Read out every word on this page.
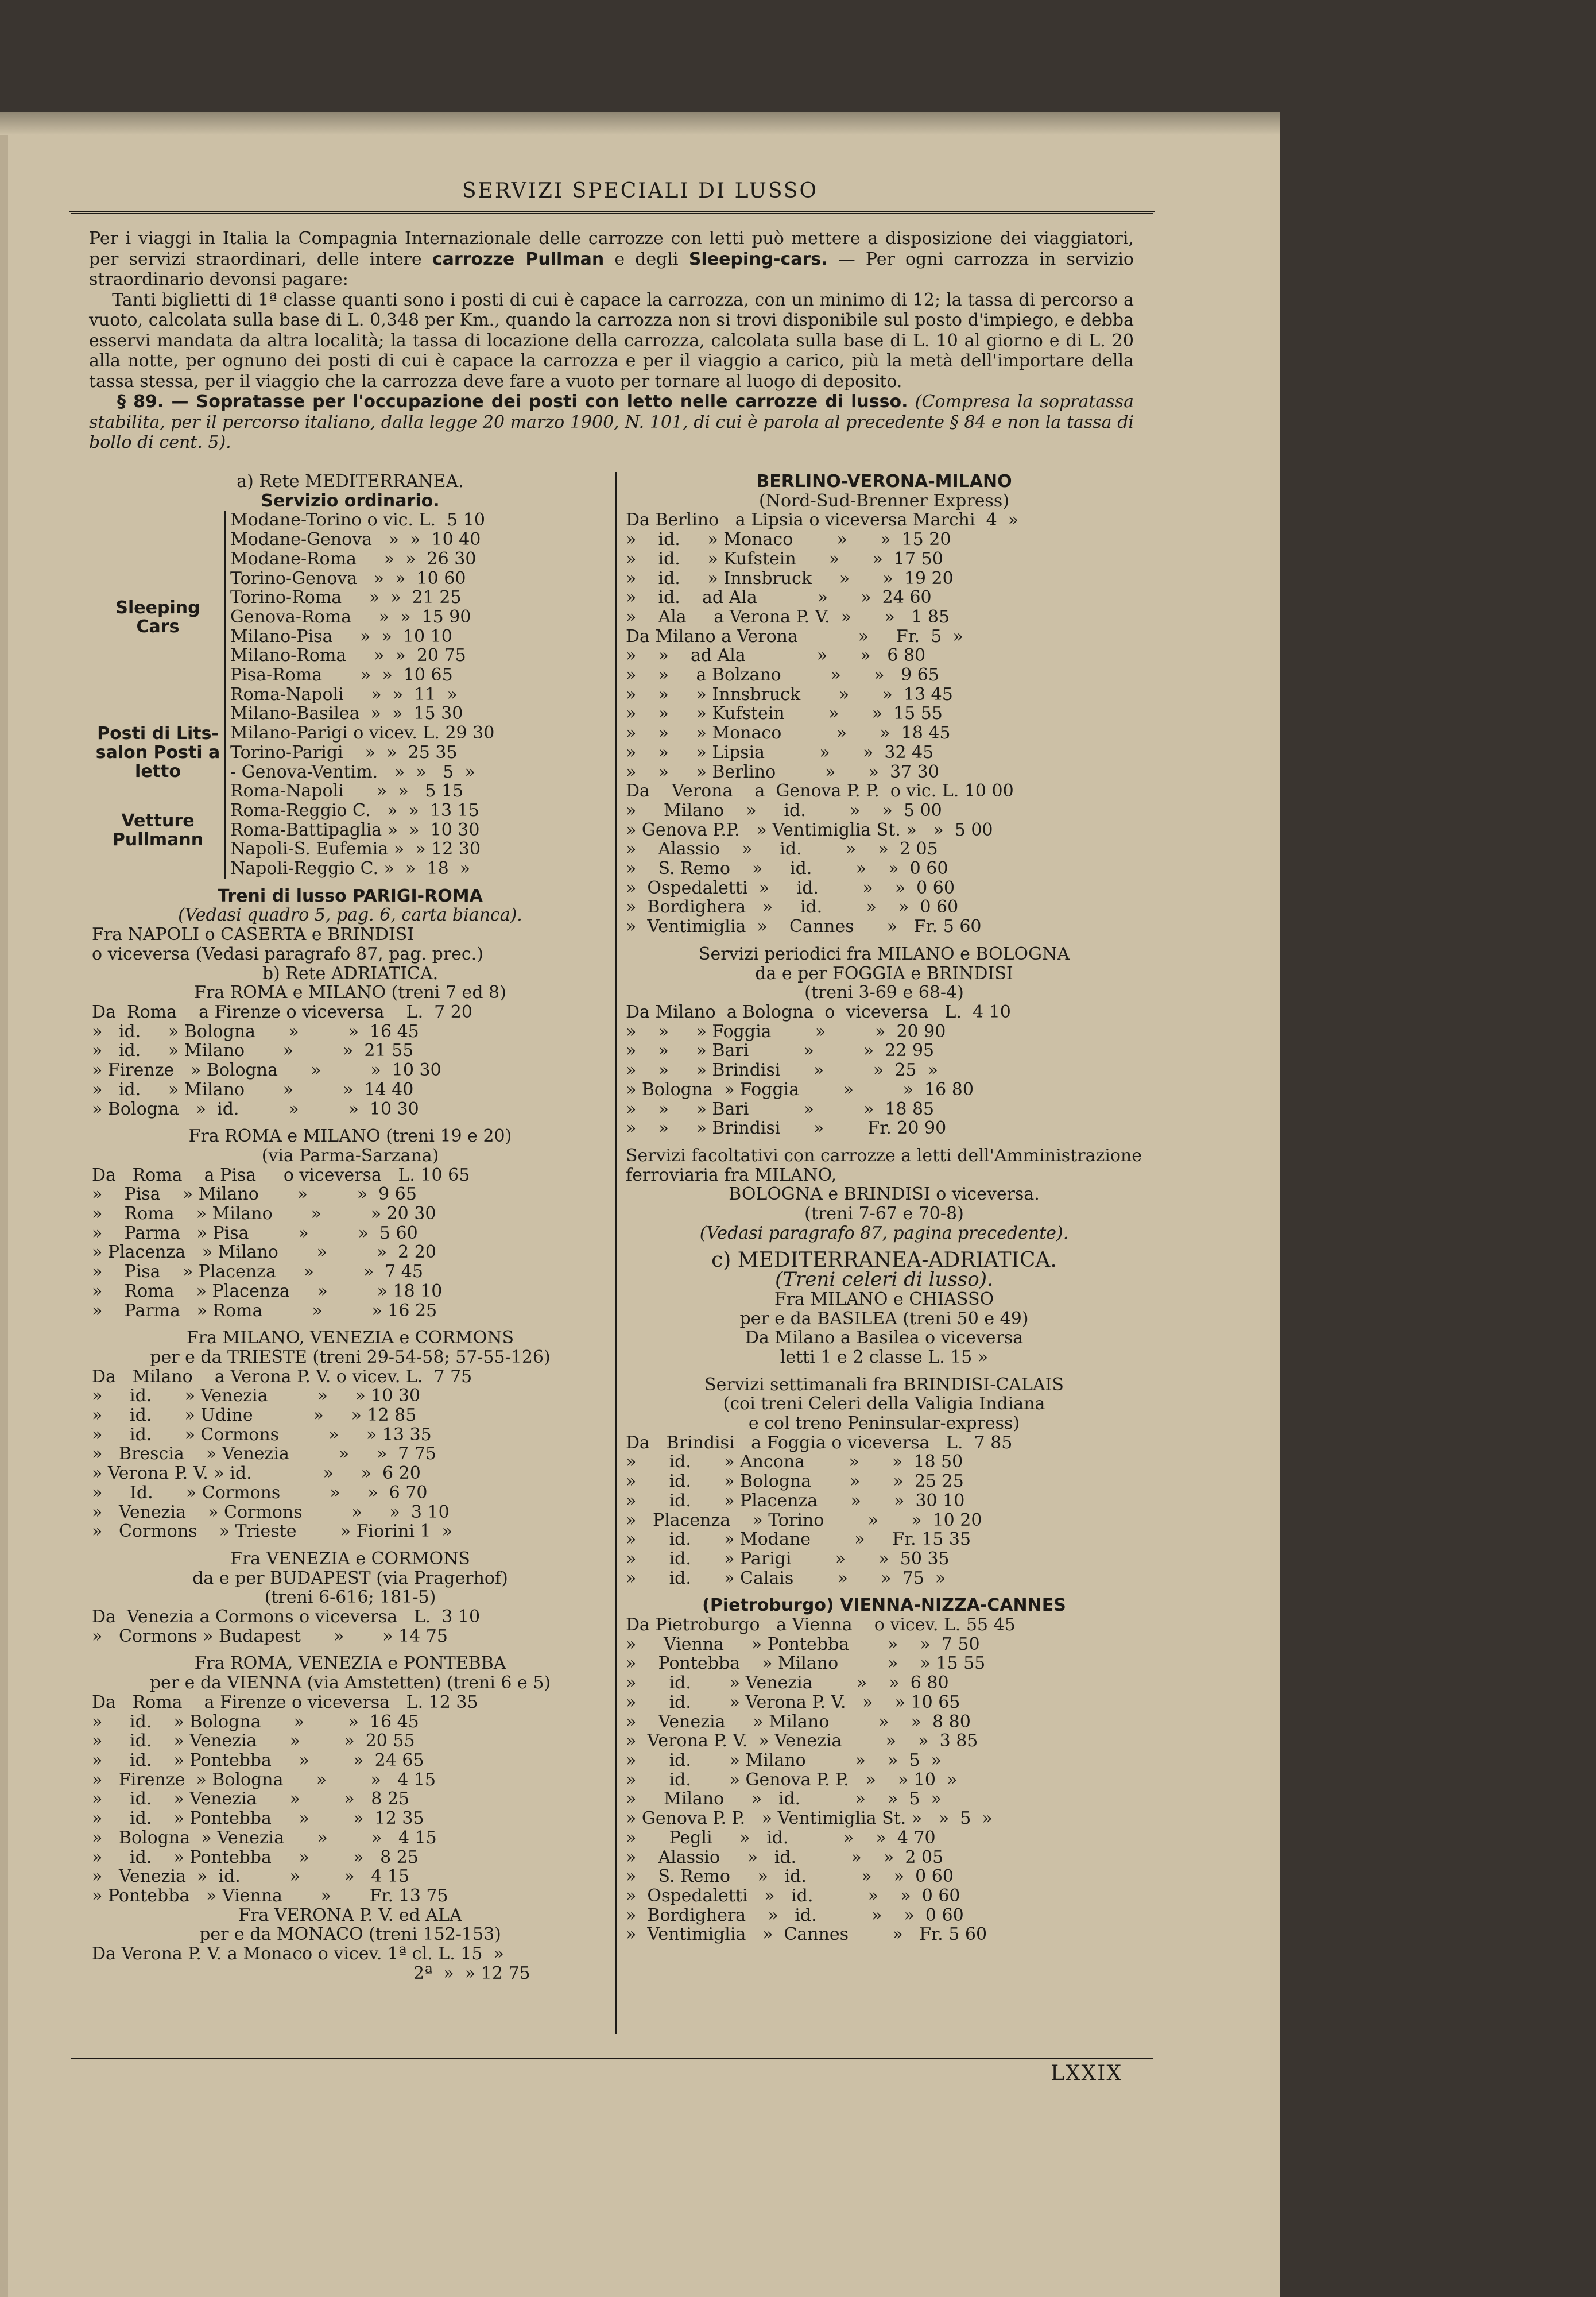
SERVIZI SPECIALI DI LUSSO
Per i viaggi in Italia la Compagnia Internazionale delle carrozze con letti può mettere a disposizione dei viaggiatori, per servizi straordinari, delle intere carrozze Pullman e degli Sleeping-cars. — Per ogni carrozza in servizio straordinario devonsi pagare:
Tanti biglietti di 1ª classe quanti sono i posti di cui è capace la carrozza, con un minimo di 12; la tassa di percorso a vuoto, calcolata sulla base di L. 0,348 per Km., quando la carrozza non si trovi disponibile sul posto d'impiego, e debba esservi mandata da altra località; la tassa di locazione della carrozza, calcolata sulla base di L. 10 al giorno e di L. 20 alla notte, per ognuno dei posti di cui è capace la carrozza e per il viaggio a carico, più la metà dell'importare della tassa stessa, per il viaggio che la carrozza deve fare a vuoto per tornare al luogo di deposito.
§ 89. — Sopratasse per l'occupazione dei posti con letto nelle carrozze di lusso. (Compresa la sopratassa stabilita, per il percorso italiano, dalla legge 20 marzo 1900, N. 101, di cui è parola al precedente § 84 e non la tassa di bollo di cent. 5).
a) Rete MEDITERRANEA.
Servizio ordinario.
Sleeping Cars
Modane-Torino o vic. L.  5 10
Modane-Genova   »  »  10 40
Modane-Roma     »  »  26 30
Torino-Genova   »  »  10 60
Torino-Roma     »  »  21 25
Genova-Roma     »  »  15 90
Milano-Pisa     »  »  10 10
Milano-Roma     »  »  20 75
Pisa-Roma       »  »  10 65
Roma-Napoli     »  »  11  »
Milano-Basilea  »  »  15 30
Posti di Lits-salon Posti a letto
Milano-Parigi o vicev. L. 29 30
Torino-Parigi    »  »  25 35
- Genova-Ventim.   »  »   5  »
Vetture Pullmann
Roma-Napoli      »  »   5 15
Roma-Reggio C.   »  »  13 15
Roma-Battipaglia »  »  10 30
Napoli-S. Eufemia »  » 12 30
Napoli-Reggio C. »  »  18  »
Treni di lusso PARIGI-ROMA
(Vedasi quadro 5, pag. 6, carta bianca).
Fra NAPOLI o CASERTA e BRINDISI
o viceversa (Vedasi paragrafo 87, pag. prec.)
b) Rete ADRIATICA.
Fra ROMA e MILANO (treni 7 ed 8)
Da  Roma    a Firenze o viceversa    L.  7 20
»   id.     » Bologna      »         »  16 45
»   id.     » Milano       »         »  21 55
» Firenze   » Bologna      »         »  10 30
»   id.     » Milano       »         »  14 40
» Bologna   »  id.         »         »  10 30
Fra ROMA e MILANO (treni 19 e 20)
(via Parma-Sarzana)
Da   Roma    a Pisa     o viceversa   L. 10 65
»    Pisa    » Milano       »         »  9 65
»    Roma    » Milano       »         » 20 30
»    Parma   » Pisa         »         »  5 60
» Placenza   » Milano       »         »  2 20
»    Pisa    » Placenza     »         »  7 45
»    Roma    » Placenza     »         » 18 10
»    Parma   » Roma         »         » 16 25
Fra MILANO, VENEZIA e CORMONS
per e da TRIESTE (treni 29-54-58; 57-55-126)
Da   Milano    a Verona P. V. o vicev. L.  7 75
»     id.      » Venezia         »     » 10 30
»     id.      » Udine           »     » 12 85
»     id.      » Cormons         »     » 13 35
»   Brescia    » Venezia         »     »  7 75
» Verona P. V. » id.             »     »  6 20
»     Id.      » Cormons         »     »  6 70
»   Venezia    » Cormons         »     »  3 10
»   Cormons    » Trieste        » Fiorini 1  »
Fra VENEZIA e CORMONS
da e per BUDAPEST (via Pragerhof)
(treni 6-616; 181-5)
Da  Venezia a Cormons o viceversa   L.  3 10
»   Cormons » Budapest      »       » 14 75
Fra ROMA, VENEZIA e PONTEBBA
per e da VIENNA (via Amstetten) (treni 6 e 5)
Da   Roma    a Firenze o viceversa   L. 12 35
»     id.    » Bologna      »        »  16 45
»     id.    » Venezia      »        »  20 55
»     id.    » Pontebba     »        »  24 65
»   Firenze  » Bologna      »        »   4 15
»     id.    » Venezia      »        »   8 25
»     id.    » Pontebba     »        »  12 35
»   Bologna  » Venezia      »        »   4 15
»     id.    » Pontebba     »        »   8 25
»   Venezia  »  id.         »        »   4 15
» Pontebba   » Vienna       »       Fr. 13 75
Fra VERONA P. V. ed ALA
per e da MONACO (treni 152-153)
Da Verona P. V. a Monaco o vicev. 1ª cl. L. 15  »
2ª  »  » 12 75
BERLINO-VERONA-MILANO
(Nord-Sud-Brenner Express)
Da Berlino   a Lipsia o viceversa Marchi  4  »
»    id.     » Monaco        »      »  15 20
»    id.     » Kufstein      »      »  17 50
»    id.     » Innsbruck     »      »  19 20
»    id.    ad Ala           »      »  24 60
»    Ala     a Verona P. V.  »      »   1 85
Da Milano a Verona           »     Fr.  5  »
»    »    ad Ala             »      »   6 80
»    »     a Bolzano         »      »   9 65
»    »     » Innsbruck       »      »  13 45
»    »     » Kufstein        »      »  15 55
»    »     » Monaco          »      »  18 45
»    »     » Lipsia          »      »  32 45
»    »     » Berlino         »      »  37 30
Da    Verona    a  Genova P. P.  o vic. L. 10 00
»     Milano    »     id.        »    »  5 00
» Genova P.P.   » Ventimiglia St. »   »  5 00
»    Alassio    »     id.        »    »  2 05
»    S. Remo    »     id.        »    »  0 60
»  Ospedaletti  »     id.        »    »  0 60
»  Bordighera   »     id.        »    »  0 60
»  Ventimiglia  »    Cannes      »   Fr. 5 60
Servizi periodici fra MILANO e BOLOGNA
da e per FOGGIA e BRINDISI
(treni 3-69 e 68-4)
Da Milano  a Bologna  o  viceversa   L.  4 10
»    »     » Foggia        »         »  20 90
»    »     » Bari          »         »  22 95
»    »     » Brindisi      »         »  25  »
» Bologna  » Foggia        »         »  16 80
»    »     » Bari          »         »  18 85
»    »     » Brindisi      »        Fr. 20 90
Servizi facoltativi con carrozze a letti dell'Amministrazione ferroviaria fra MILANO,
BOLOGNA e BRINDISI o viceversa.
(treni 7-67 e 70-8)
(Vedasi paragrafo 87, pagina precedente).
c) MEDITERRANEA-ADRIATICA.
(Treni celeri di lusso).
Fra MILANO e CHIASSO
per e da BASILEA (treni 50 e 49)
Da Milano a Basilea o viceversa
letti 1 e 2 classe L. 15 »
Servizi settimanali fra BRINDISI-CALAIS
(coi treni Celeri della Valigia Indiana
e col treno Peninsular-express)
Da   Brindisi   a Foggia o viceversa   L.  7 85
»      id.      » Ancona        »      »  18 50
»      id.      » Bologna       »      »  25 25
»      id.      » Placenza      »      »  30 10
»   Placenza    » Torino        »      »  10 20
»      id.      » Modane        »     Fr. 15 35
»      id.      » Parigi        »      »  50 35
»      id.      » Calais        »      »  75  »
(Pietroburgo) VIENNA-NIZZA-CANNES
Da Pietroburgo   a Vienna    o vicev. L. 55 45
»     Vienna     » Pontebba       »    »  7 50
»    Pontebba    » Milano         »    » 15 55
»      id.       » Venezia        »    »  6 80
»      id.       » Verona P. V.   »    » 10 65
»    Venezia     » Milano         »    »  8 80
»  Verona P. V.  » Venezia        »    »  3 85
»      id.       » Milano         »    »  5  »
»      id.       » Genova P. P.   »    » 10  »
»     Milano     »   id.          »    »  5  »
» Genova P. P.   » Ventimiglia St. »   »  5  »
»      Pegli     »   id.          »    »  4 70
»    Alassio     »   id.          »    »  2 05
»    S. Remo     »   id.          »    »  0 60
»  Ospedaletti   »   id.          »    »  0 60
»  Bordighera    »   id.          »    »  0 60
»  Ventimiglia   »  Cannes        »   Fr. 5 60
LXXIX
